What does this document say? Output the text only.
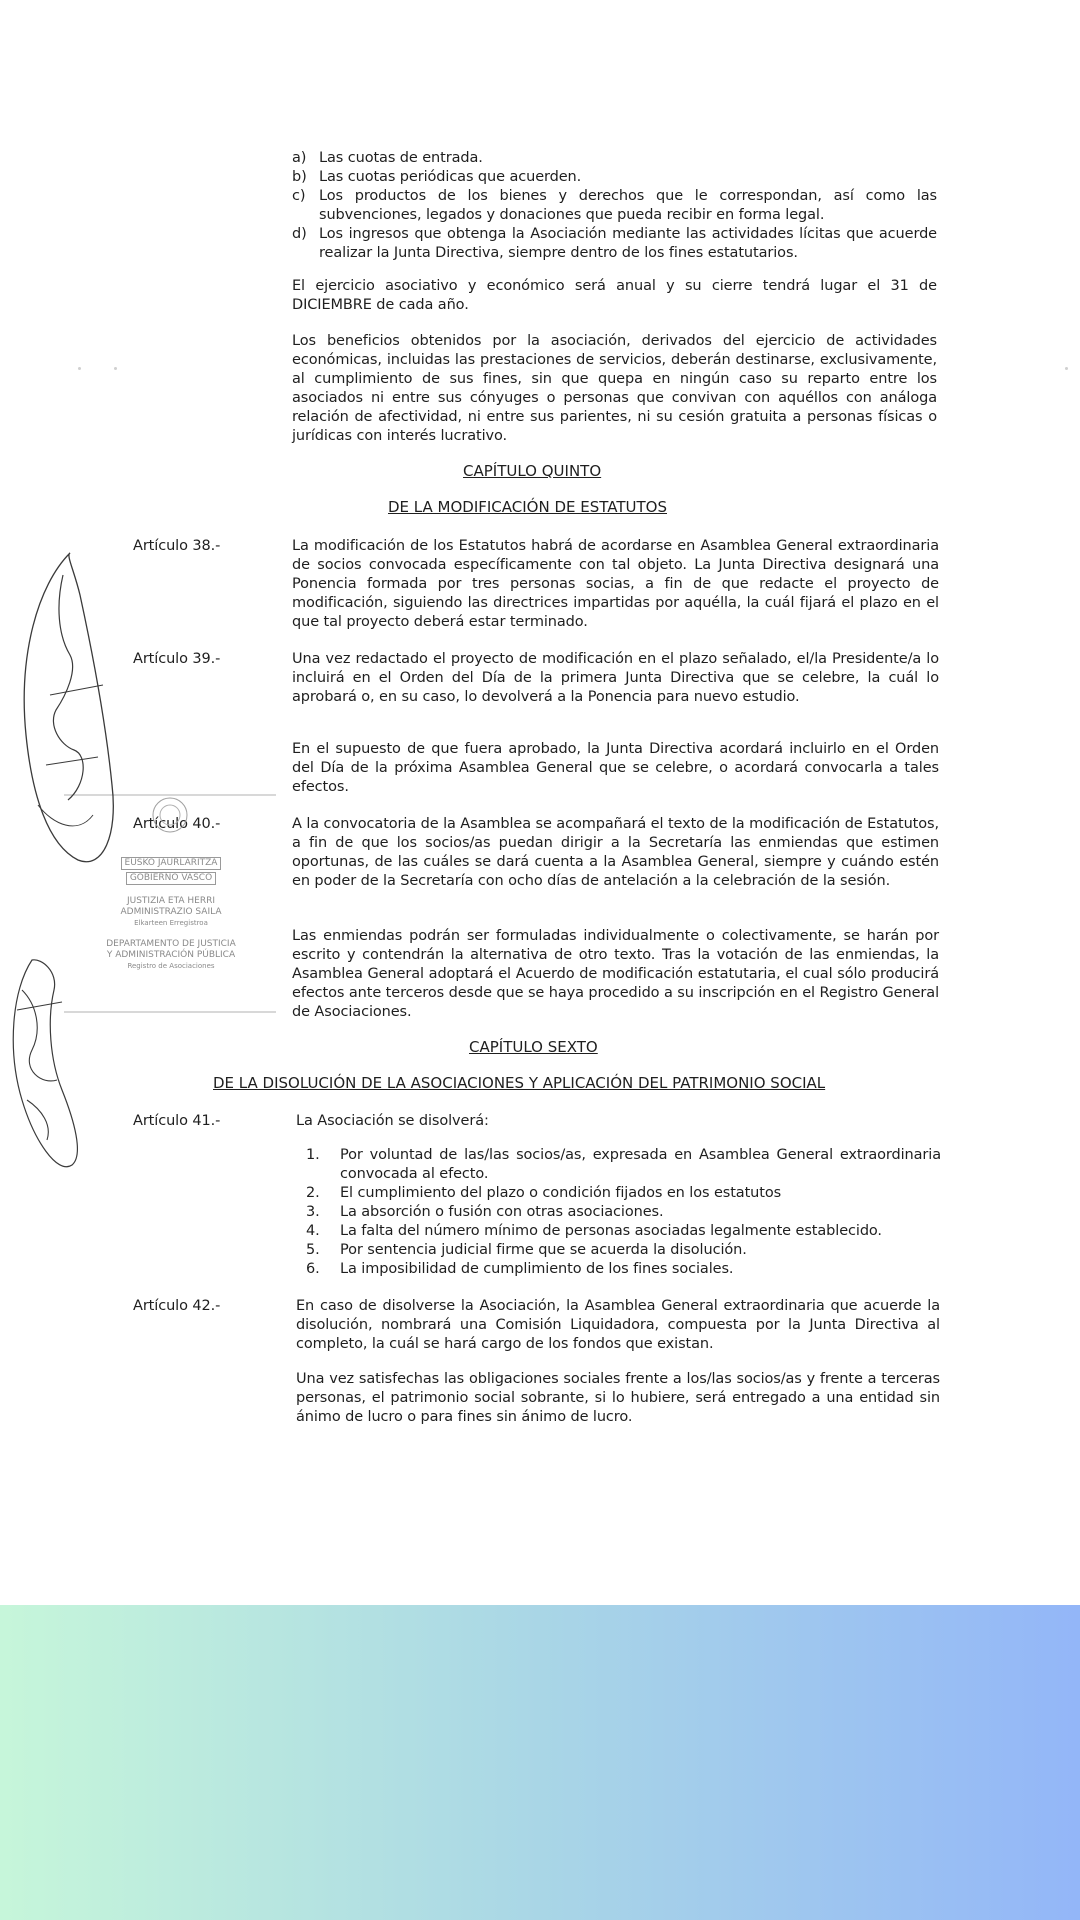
a) Las cuotas de entrada.
b) Las cuotas periódicas que acuerden.
c) Los productos de los bienes y derechos que le correspondan, así como las subvenciones, legados y donaciones que pueda recibir en forma legal.
d) Los ingresos que obtenga la Asociación mediante las actividades lícitas que acuerde realizar la Junta Directiva, siempre dentro de los fines estatutarios.

El ejercicio asociativo y económico será anual y su cierre tendrá lugar el 31 de DICIEMBRE de cada año.

Los beneficios obtenidos por la asociación, derivados del ejercicio de actividades económicas, incluidas las prestaciones de servicios, deberán destinarse, exclusivamente, al cumplimiento de sus fines, sin que quepa en ningún caso su reparto entre los asociados ni entre sus cónyuges o personas que convivan con aquéllos con análoga relación de afectividad, ni entre sus parientes, ni su cesión gratuita a personas físicas o jurídicas con interés lucrativo.

CAPÍTULO QUINTO
DE LA MODIFICACIÓN DE ESTATUTOS

Artículo 38.-	La modificación de los Estatutos habrá de acordarse en Asamblea General extraordinaria de socios convocada específicamente con tal objeto. La Junta Directiva designará una Ponencia formada por tres personas socias, a fin de que redacte el proyecto de modificación, siguiendo las directrices impartidas por aquélla, la cuál fijará el plazo en el que tal proyecto deberá estar terminado.

Artículo 39.-	Una vez redactado el proyecto de modificación en el plazo señalado, el/la Presidente/a lo incluirá en el Orden del Día de la primera Junta Directiva que se celebre, la cuál lo aprobará o, en su caso, lo devolverá a la Ponencia para nuevo estudio.

En el supuesto de que fuera aprobado, la Junta Directiva acordará incluirlo en el Orden del Día de la próxima Asamblea General que se celebre, o acordará convocarla a tales efectos.

Artículo 40.-	A la convocatoria de la Asamblea se acompañará el texto de la modificación de Estatutos, a fin de que los socios/as puedan dirigir a la Secretaría las enmiendas que estimen oportunas, de las cuáles se dará cuenta a la Asamblea General, siempre y cuándo estén en poder de la Secretaría con ocho días de antelación a la celebración de la sesión.

Las enmiendas podrán ser formuladas individualmente o colectivamente, se harán por escrito y contendrán la alternativa de otro texto. Tras la votación de las enmiendas, la Asamblea General adoptará el Acuerdo de modificación estatutaria, el cual sólo producirá efectos ante terceros desde que se haya procedido a su inscripción en el Registro General de Asociaciones.

CAPÍTULO SEXTO
DE LA DISOLUCIÓN DE LA ASOCIACIONES Y APLICACIÓN DEL PATRIMONIO SOCIAL

Artículo 41.-	La Asociación se disolverá:

1. Por voluntad de las/las socios/as, expresada en Asamblea General extraordinaria convocada al efecto.
2. El cumplimiento del plazo o condición fijados en los estatutos
3. La absorción o fusión con otras asociaciones.
4. La falta del número mínimo de personas asociadas legalmente establecido.
5. Por sentencia judicial firme que se acuerda la disolución.
6. La imposibilidad de cumplimiento de los fines sociales.

Artículo 42.-	En caso de disolverse la Asociación, la Asamblea General extraordinaria que acuerde la disolución, nombrará una Comisión Liquidadora, compuesta por la Junta Directiva al completo, la cuál se hará cargo de los fondos que existan.

Una vez satisfechas las obligaciones sociales frente a los/las socios/as y frente a terceras personas, el patrimonio social sobrante, si lo hubiere, será entregado a una entidad sin ánimo de lucro o para fines sin ánimo de lucro.

EUSKO JAURLARITZA
GOBIERNO VASCO
JUSTIZIA ETA HERRI
ADMINISTRAZIO SAILA
Elkarteen Erregistroa
DEPARTAMENTO DE JUSTICIA
Y ADMINISTRACIÓN PÚBLICA
Registro de Asociaciones
